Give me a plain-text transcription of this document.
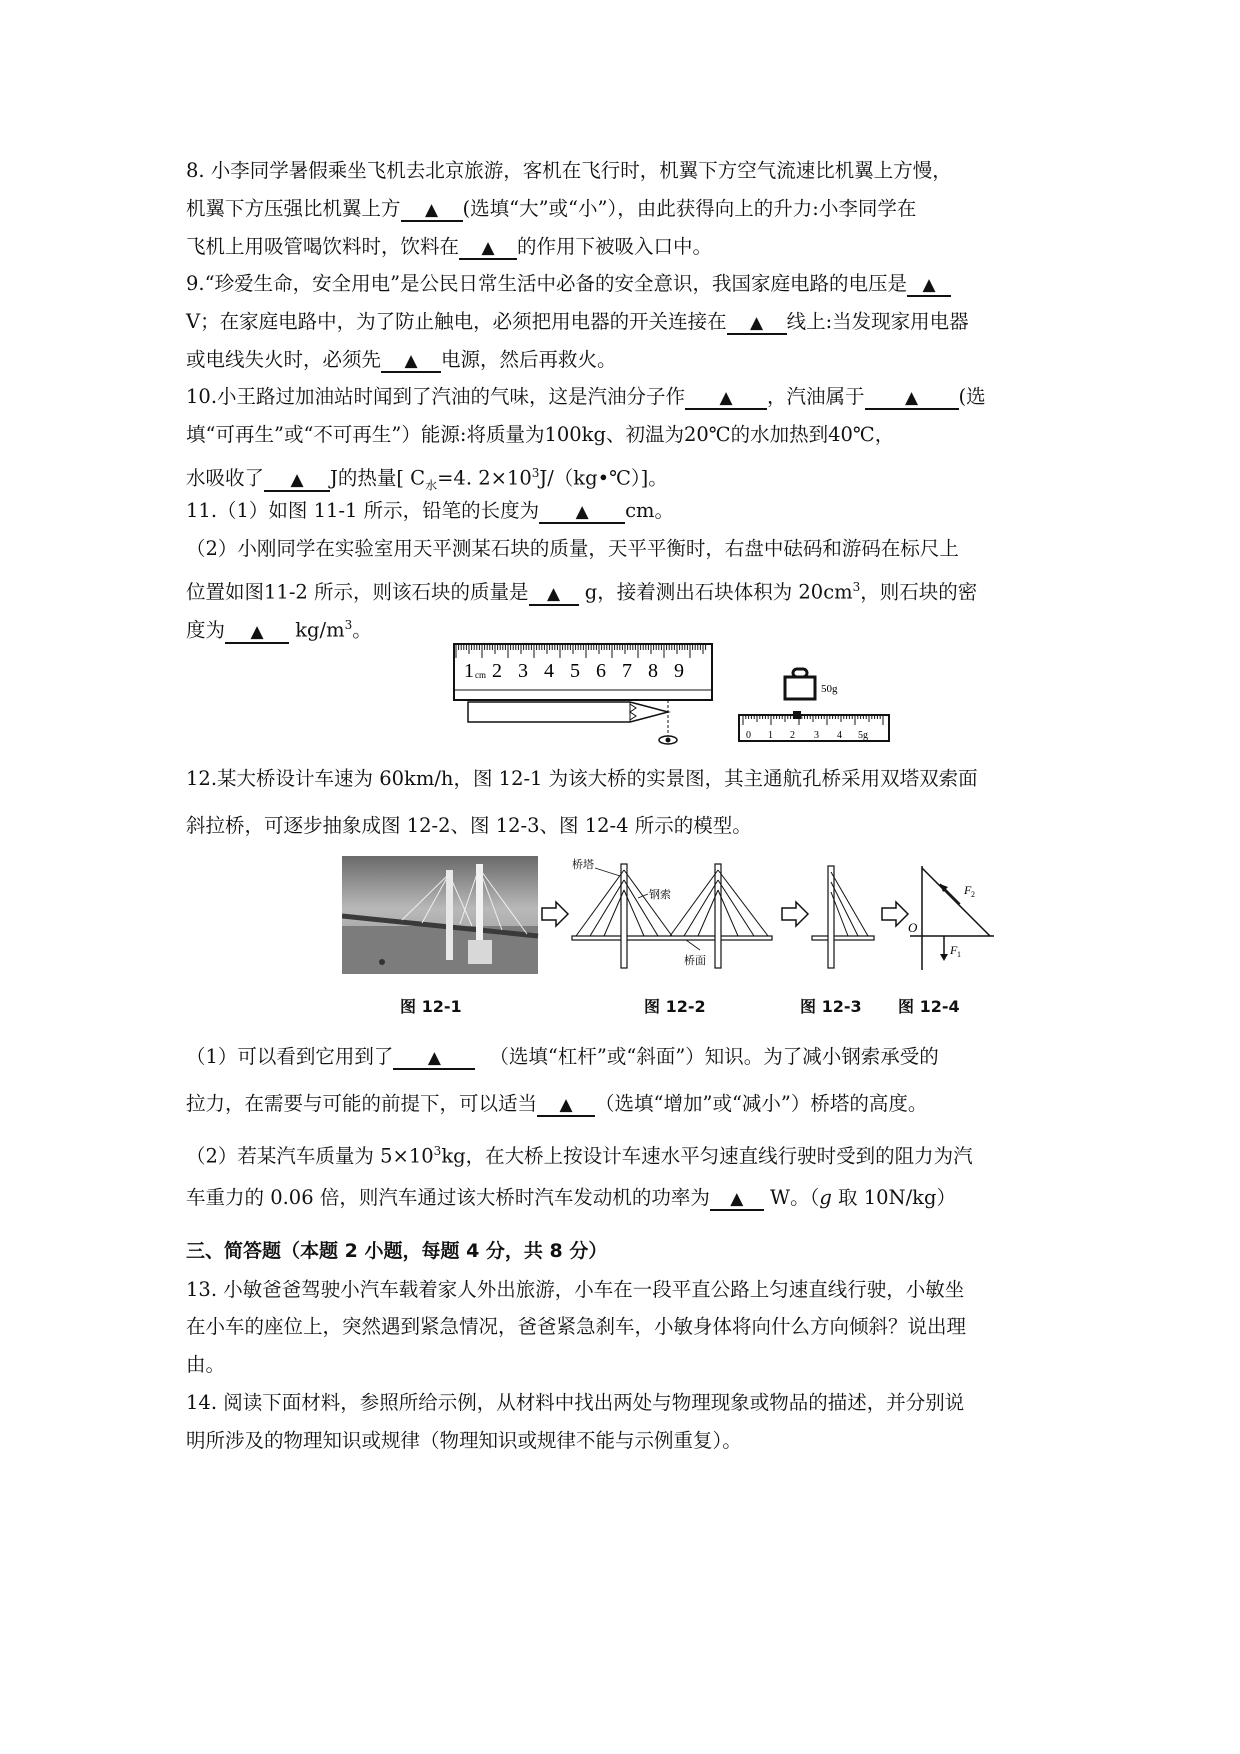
8. 小李同学暑假乘坐飞机去北京旅游，客机在飞行时，机翼下方空气流速比机翼上方慢，
机翼下方压强比机翼上方 ▲ (选填“大”或“小”），由此获得向上的升力:小李同学在
飞机上用吸管喝饮料时，饮料在 ▲ 的作用下被吸入口中。
9.“珍爱生命，安全用电”是公民日常生活中必备的安全意识，我国家庭电路的电压是 ▲
V；在家庭电路中，为了防止触电，必须把用电器的开关连接在 ▲ 线上:当发现家用电器
或电线失火时，必须先 ▲ 电源，然后再救火。
10.小王路过加油站时闻到了汽油的气味，这是汽油分子作 ▲ ，汽油属于 ▲ (选
填“可再生”或“不可再生”）能源:将质量为100kg、初温为20℃的水加热到40℃，
水吸收了 ▲ J的热量[ $C_水=4$. $2\times 10^3J/(kg•℃)$]。
11.（1）如图 11-1 所示，铅笔的长度为 ▲ cm。
（2）小刚同学在实验室用天平测某石块的质量，天平平衡时，右盘中砝码和游码在标尺上
位置如图11-2 所示，则该石块的质量是 ▲ g，接着测出石块体积为 $20cm^3$，则石块的密
度为 ▲ $kg/m^3$。
1 cm 2 3 4 5 6 7 8 9
50g
0 1 2 3 4 5g
12.某大桥设计车速为 60km/h，图 12-1 为该大桥的实景图，其主通航孔桥采用双塔双索面
斜拉桥，可逐步抽象成图 12-2、图 12-3、图 12-4 所示的模型。
桥塔
钢索
桥面
O
F 2
F 1
图 12-1	图 12-2	图 12-3 图 12-4
（1）可以看到它用到了 ▲ （选填“杠杆”或“斜面”）知识。为了减小钢索承受的
拉力，在需要与可能的前提下，可以适当 ▲ （选填“增加”或“减小”）桥塔的高度。
（2）若某汽车质量为 $5\times 10^3kg$，在大桥上按设计车速水平匀速直线行驶时受到的阻力为汽
车重力的 0.06 倍，则汽车通过该大桥时汽车发动机的功率为 ▲ W。（g 取 10N/kg）
三、简答题（本题 2 小题，每题 4 分，共 8 分）
13. 小敏爸爸驾驶小汽车载着家人外出旅游，小车在一段平直公路上匀速直线行驶，小敏坐
在小车的座位上，突然遇到紧急情况，爸爸紧急刹车，小敏身体将向什么方向倾斜？说出理
由。
14. 阅读下面材料，参照所给示例，从材料中找出两处与物理现象或物品的描述，并分别说
明所涉及的物理知识或规律（物理知识或规律不能与示例重复）。
